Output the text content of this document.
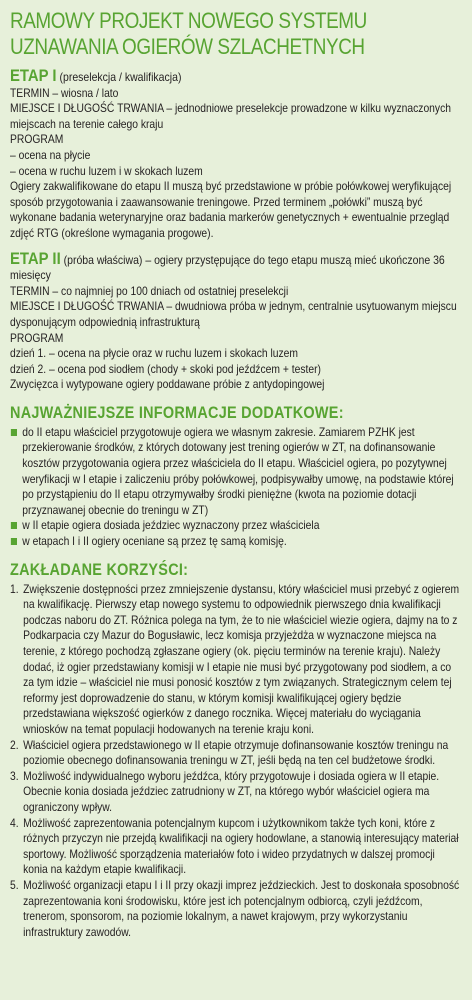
RAMOWY PROJEKT NOWEGO SYSTEMU
UZNAWANIA OGIERÓW SZLACHETNYCH

ETAP I (preselekcja / kwalifikacja)

TERMIN – wiosna / lato

MIEJSCE I DŁUGOŚĆ TRWANIA – jednodniowe preselekcje prowadzone w kilku wyznaczonych miejscach na terenie całego kraju

PROGRAM

– ocena na płycie

– ocena w ruchu luzem i w skokach luzem

Ogiery zakwalifikowane do etapu II muszą być przedstawione w próbie połówkowej weryfikującej sposób przygotowania i zaawansowanie treningowe. Przed terminem „połówki” muszą być wykonane badania weterynaryjne oraz badania markerów genetycznych + ewentualnie przegląd zdjęć RTG (określone wymagania progowe).

ETAP II (próba właściwa) – ogiery przystępujące do tego etapu muszą mieć ukończone 36 miesięcy

TERMIN – co najmniej po 100 dniach od ostatniej preselekcji

MIEJSCE I DŁUGOŚĆ TRWANIA – dwudniowa próba w jednym, centralnie usytuowanym miejscu dysponującym odpowiednią infrastrukturą

PROGRAM

dzień 1. – ocena na płycie oraz w ruchu luzem i skokach luzem

dzień 2. – ocena pod siodłem (chody + skoki pod jeźdźcem + tester)

Zwycięzca i wytypowane ogiery poddawane próbie z antydopingowej

NAJWAŻNIEJSZE INFORMACJE DODATKOWE:
do II etapu właściciel przygotowuje ogiera we własnym zakresie. Zamiarem PZHK jest przekierowanie środków, z których dotowany jest trening ogierów w ZT, na dofinansowanie kosztów przygotowania ogiera przez właściciela do II etapu. Właściciel ogiera, po pozytywnej weryfikacji w I etapie i zaliczeniu próby połówkowej, podpisywałby umowę, na podstawie której po przystąpieniu do II etapu otrzymywałby środki pieniężne (kwota na poziomie dotacji przyznawanej obecnie do treningu w ZT)
w II etapie ogiera dosiada jeździec wyznaczony przez właściciela
w etapach I i II ogiery oceniane są przez tę samą komisję.
ZAKŁADANE KORZYŚCI:
1. Zwiększenie dostępności przez zmniejszenie dystansu, który właściciel musi przebyć z ogierem na kwalifikację. Pierwszy etap nowego systemu to odpowiednik pierwszego dnia kwalifikacji podczas naboru do ZT. Różnica polega na tym, że to nie właściciel wiezie ogiera, dajmy na to z Podkarpacia czy Mazur do Bogusławic, lecz komisja przyjeżdża w wyznaczone miejsca na terenie, z którego pochodzą zgłaszane ogiery (ok. pięciu terminów na terenie kraju). Należy dodać, iż ogier przedstawiany komisji w I etapie nie musi być przygotowany pod siodłem, a co za tym idzie – właściciel nie musi ponosić kosztów z tym związanych. Strategicznym celem tej reformy jest doprowadzenie do stanu, w którym komisji kwalifikującej ogiery będzie przedstawiana większość ogierków z danego rocznika. Więcej materiału do wyciągania wniosków na temat populacji hodowanych na terenie kraju koni.
2. Właściciel ogiera przedstawionego w II etapie otrzymuje dofinansowanie kosztów treningu na poziomie obecnego dofinansowania treningu w ZT, jeśli będą na ten cel budżetowe środki.
3. Możliwość indywidualnego wyboru jeźdźca, który przygotowuje i dosiada ogiera w II etapie. Obecnie konia dosiada jeździec zatrudniony w ZT, na którego wybór właściciel ogiera ma ograniczony wpływ.
4. Możliwość zaprezentowania potencjalnym kupcom i użytkownikom także tych koni, które z różnych przyczyn nie przejdą kwalifikacji na ogiery hodowlane, a stanowią interesujący materiał sportowy. Możliwość sporządzenia materiałów foto i wideo przydatnych w dalszej promocji konia na każdym etapie kwalifikacji.
5. Możliwość organizacji etapu I i II przy okazji imprez jeździeckich. Jest to doskonała sposobność zaprezentowania koni środowisku, które jest ich potencjalnym odbiorcą, czyli jeźdźcom, trenerom, sponsorom, na poziomie lokalnym, a nawet krajowym, przy wykorzystaniu infrastruktury zawodów.
